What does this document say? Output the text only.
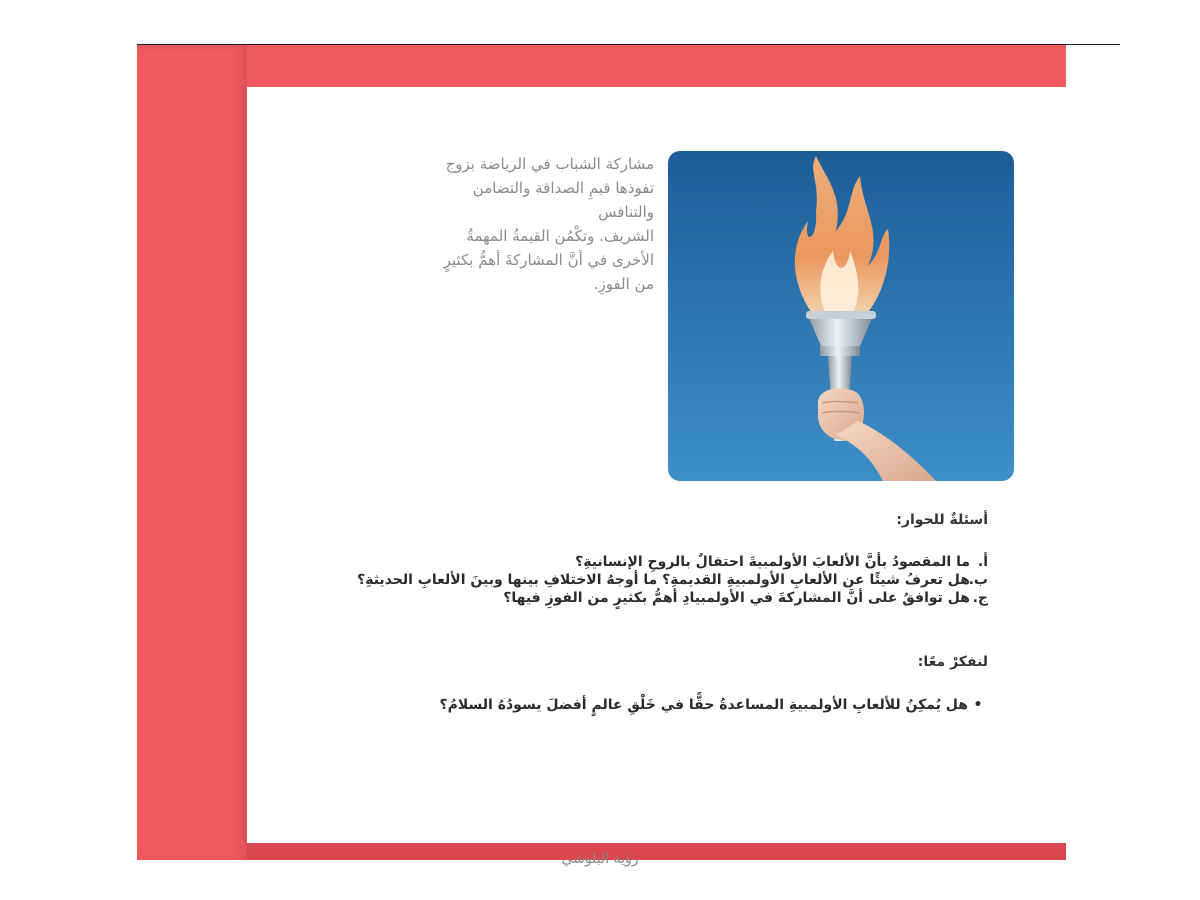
مشاركة الشباب في الرياضة بزوج

تفوذها قيمِ الصداقة والتضامن

والتنافس

الشريف. وتكْمُن القيمةُ المهمةُ

الأخرى في أنَّ المشاركةَ أهمُّ بكثيرٍ

من الفوزِ.

أسئلةٌ للحوار:
أ.
ما المقصودُ بأنَّ الألعابَ الأولمبيةَ احتفالٌ بالروحِ الإنسانيةِ؟
ب.
هل تعرفُ شيئًا عن الألعابِ الأولمبيةِ القديمةِ؟ ما أوجهُ الاختلافِ بينها وبينَ الألعابِ الحديثةِ؟
ج.
هل توافقُ على أنَّ المشاركةَ في الأولمبيادِ أهمُّ بكثيرٍ من الفوزِ فيها؟
لنفكرْ معًا:
•
هل يُمكِنُ للألعابِ الأولمبيةِ المساعدةُ حقًّا في خَلْقِ عالمٍ أفضلَ يسودُهُ السلامُ؟
رؤية البلوشي
